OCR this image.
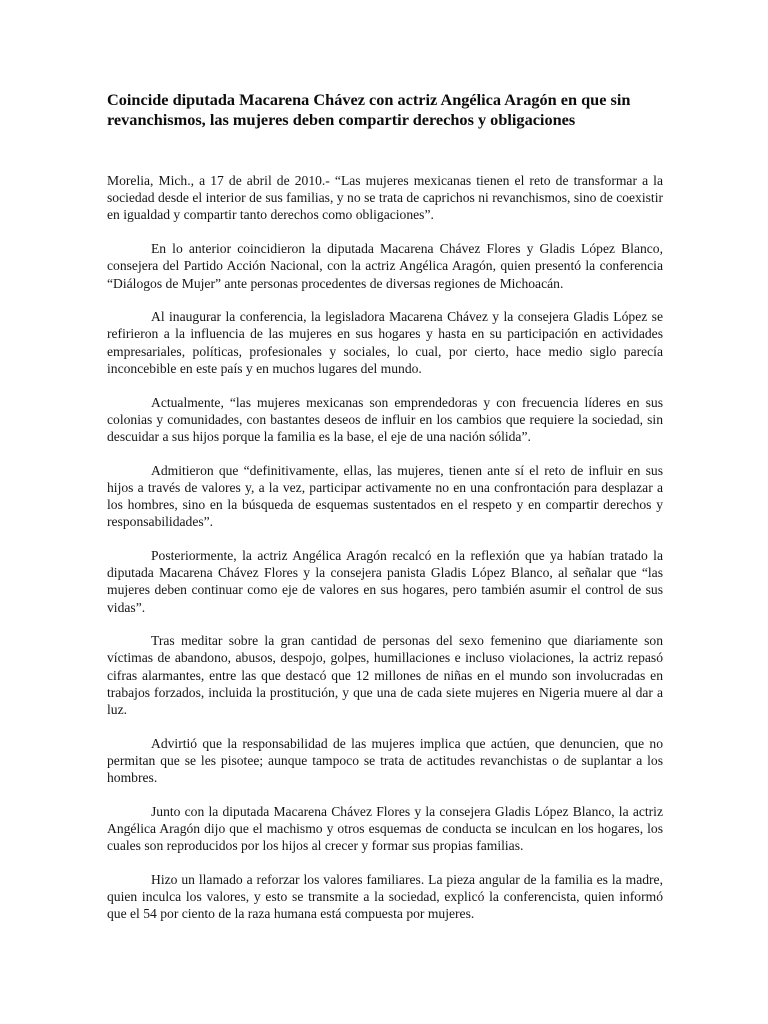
Coincide diputada Macarena Chávez con actriz Angélica Aragón en que sin revanchismos, las mujeres deben compartir derechos y obligaciones

Morelia, Mich., a 17 de abril de 2010.- “Las mujeres mexicanas tienen el reto de transformar a la sociedad desde el interior de sus familias, y no se trata de caprichos ni revanchismos, sino de coexistir en igualdad y compartir tanto derechos como obligaciones”.

En lo anterior coincidieron la diputada Macarena Chávez Flores y Gladis López Blanco, consejera del Partido Acción Nacional, con la actriz Angélica Aragón, quien presentó la conferencia “Diálogos de Mujer” ante personas procedentes de diversas regiones de Michoacán.

Al inaugurar la conferencia, la legisladora Macarena Chávez y la consejera Gladis López se refirieron a la influencia de las mujeres en sus hogares y hasta en su participación en actividades empresariales, políticas, profesionales y sociales, lo cual, por cierto, hace medio siglo parecía inconcebible en este país y en muchos lugares del mundo.

Actualmente, “las mujeres mexicanas son emprendedoras y con frecuencia líderes en sus colonias y comunidades, con bastantes deseos de influir en los cambios que requiere la sociedad, sin descuidar a sus hijos porque la familia es la base, el eje de una nación sólida”.

Admitieron que “definitivamente, ellas, las mujeres, tienen ante sí el reto de influir en sus hijos a través de valores y, a la vez, participar activamente no en una confrontación para desplazar a los hombres, sino en la búsqueda de esquemas sustentados en el respeto y en compartir derechos y responsabilidades”.

Posteriormente, la actriz Angélica Aragón recalcó en la reflexión que ya habían tratado la diputada Macarena Chávez Flores y la consejera panista Gladis López Blanco, al señalar que “las mujeres deben continuar como eje de valores en sus hogares, pero también asumir el control de sus vidas”.

Tras meditar sobre la gran cantidad de personas del sexo femenino que diariamente son víctimas de abandono, abusos, despojo, golpes, humillaciones e incluso violaciones, la actriz repasó cifras alarmantes, entre las que destacó que 12 millones de niñas en el mundo son involucradas en trabajos forzados, incluida la prostitución, y que una de cada siete mujeres en Nigeria muere al dar a luz.

Advirtió que la responsabilidad de las mujeres implica que actúen, que denuncien, que no permitan que se les pisotee; aunque tampoco se trata de actitudes revanchistas o de suplantar a los hombres.

Junto con la diputada Macarena Chávez Flores y la consejera Gladis López Blanco, la actriz Angélica Aragón dijo que el machismo y otros esquemas de conducta se inculcan en los hogares, los cuales son reproducidos por los hijos al crecer y formar sus propias familias.

Hizo un llamado a reforzar los valores familiares. La pieza angular de la familia es la madre, quien inculca los valores, y esto se transmite a la sociedad, explicó la conferencista, quien informó que el 54 por ciento de la raza humana está compuesta por mujeres.
